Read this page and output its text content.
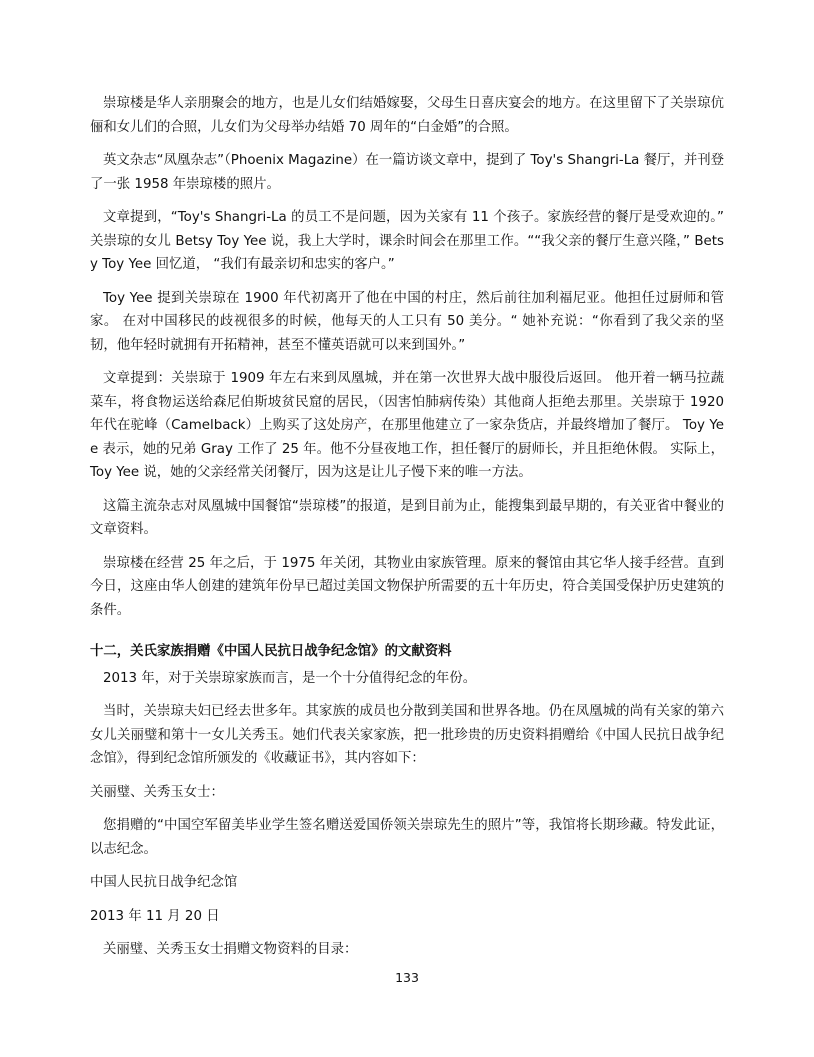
崇琼楼是华人亲朋聚会的地方，也是儿女们结婚嫁娶，父母生日喜庆宴会的地方。在这里留下了关崇琼伉俪和女儿们的合照，儿女们为父母举办结婚 70 周年的“白金婚”的合照。

英文杂志“凤凰杂志”（Phoenix Magazine）在一篇访谈文章中，提到了 Toy's Shangri-La 餐厅，并刊登了一张 1958 年崇琼楼的照片。

文章提到，“Toy's Shangri-La 的员工不是问题，因为关家有 11 个孩子。家族经营的餐厅是受欢迎的。” 关崇琼的女儿 Betsy Toy Yee 说，我上大学时，课余时间会在那里工作。““我父亲的餐厅生意兴隆，” Betsy Toy Yee 回忆道， “我们有最亲切和忠实的客户。”

Toy Yee 提到关崇琼在 1900 年代初离开了他在中国的村庄，然后前往加利福尼亚。他担任过厨师和管家。 在对中国移民的歧视很多的时候，他每天的人工只有 50 美分。“ 她补充说：“你看到了我父亲的坚韧，他年轻时就拥有开拓精神，甚至不懂英语就可以来到国外。”

文章提到：关崇琼于 1909 年左右来到凤凰城，并在第一次世界大战中服役后返回。 他开着一辆马拉蔬菜车，将食物运送给森尼伯斯坡贫民窟的居民，（因害怕肺病传染）其他商人拒绝去那里。关崇琼于 1920 年代在驼峰（Camelback）上购买了这处房产，在那里他建立了一家杂货店，并最终增加了餐厅。 Toy Yee 表示，她的兄弟 Gray 工作了 25 年。他不分昼夜地工作，担任餐厅的厨师长，并且拒绝休假。 实际上，Toy Yee 说，她的父亲经常关闭餐厅，因为这是让儿子慢下来的唯一方法。

这篇主流杂志对凤凰城中国餐馆“崇琼楼”的报道，是到目前为止，能搜集到最早期的，有关亚省中餐业的文章资料。

崇琼楼在经营 25 年之后，于 1975 年关闭，其物业由家族管理。原来的餐馆由其它华人接手经营。直到今日，这座由华人创建的建筑年份早已超过美国文物保护所需要的五十年历史，符合美国受保护历史建筑的条件。

十二，关氏家族捐赠《中国人民抗日战争纪念馆》的文献资料

2013 年，对于关崇琼家族而言，是一个十分值得纪念的年份。

当时，关崇琼夫妇已经去世多年。其家族的成员也分散到美国和世界各地。仍在凤凰城的尚有关家的第六女儿关丽璧和第十一女儿关秀玉。她们代表关家家族，把一批珍贵的历史资料捐赠给《中国人民抗日战争纪念馆》，得到纪念馆所颁发的《收藏证书》，其内容如下：

关丽璧、关秀玉女士：

您捐赠的“中国空军留美毕业学生签名赠送爱国侨领关崇琼先生的照片”等，我馆将长期珍藏。特发此证，以志纪念。

中国人民抗日战争纪念馆

2013 年 11 月 20 日

关丽璧、关秀玉女士捐赠文物资料的目录：

133
